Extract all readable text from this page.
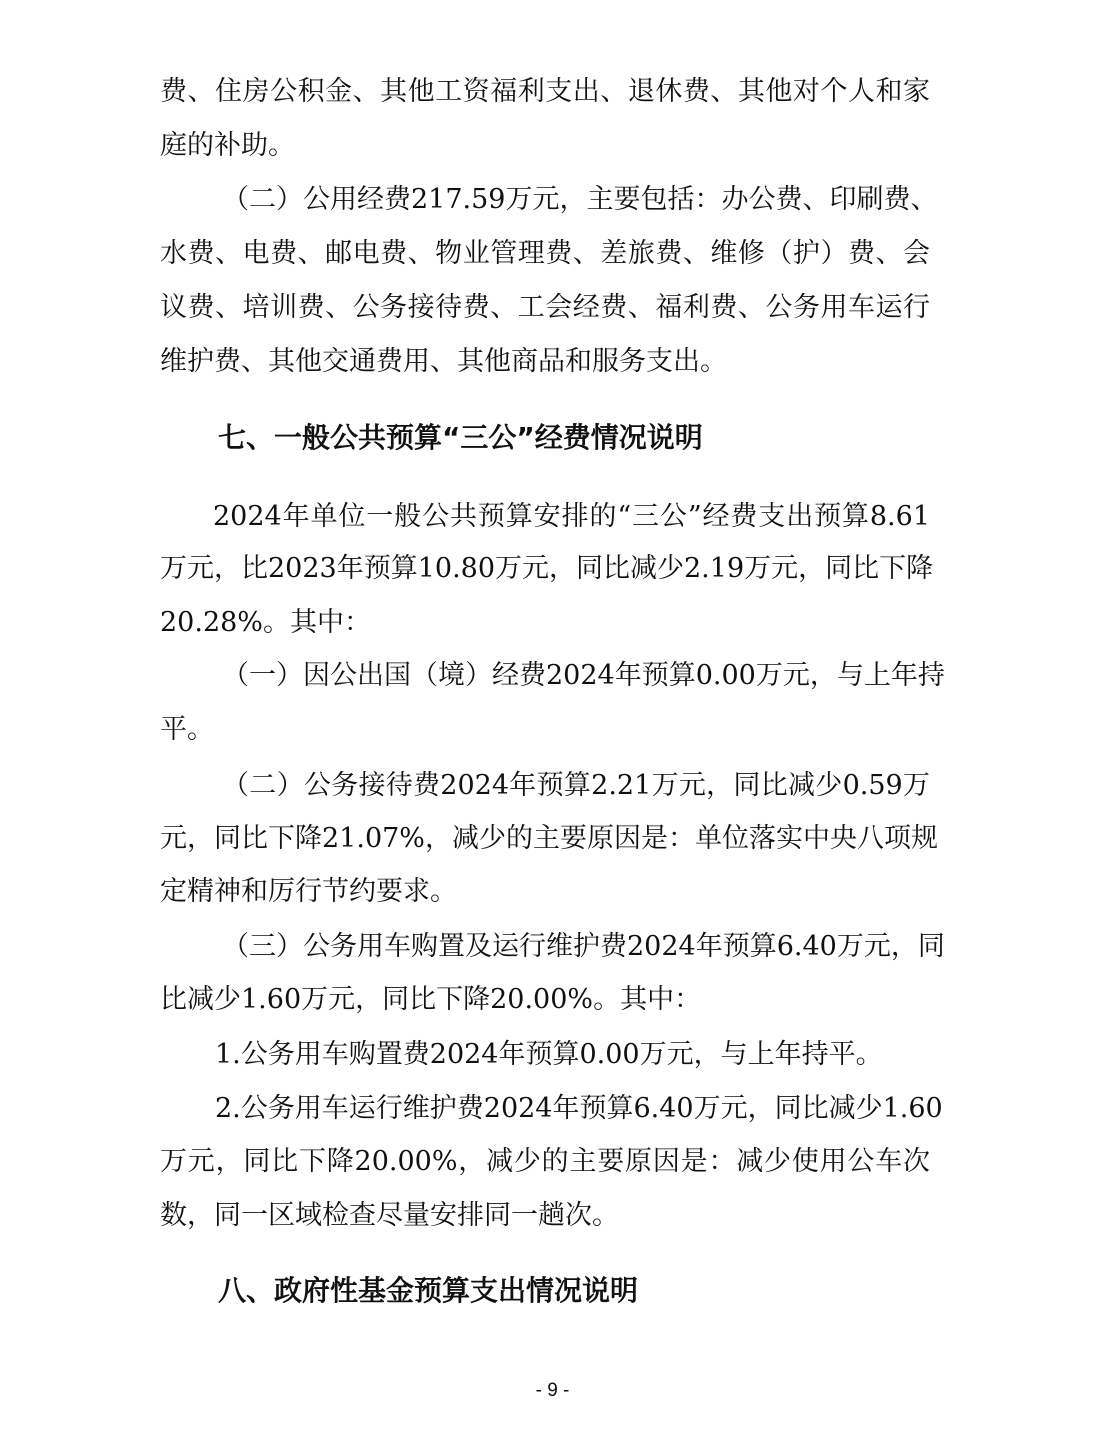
费、住房公积金、其他工资福利支出、退休费、其他对个人和家

庭的补助。

（二）公用经费217.59万元，主要包括：办公费、印刷费、

水费、电费、邮电费、物业管理费、差旅费、维修（护）费、会

议费、培训费、公务接待费、工会经费、福利费、公务用车运行

维护费、其他交通费用、其他商品和服务支出。

七、一般公共预算“三公”经费情况说明

2024年单位一般公共预算安排的“三公”经费支出预算8.61

万元，比2023年预算10.80万元，同比减少2.19万元，同比下降

20.28%。其中：

（一）因公出国（境）经费2024年预算0.00万元，与上年持

平。

（二）公务接待费2024年预算2.21万元，同比减少0.59万

元，同比下降21.07%，减少的主要原因是：单位落实中央八项规

定精神和厉行节约要求。

（三）公务用车购置及运行维护费2024年预算6.40万元，同

比减少1.60万元，同比下降20.00%。其中：

1.公务用车购置费2024年预算0.00万元，与上年持平。

2.公务用车运行维护费2024年预算6.40万元，同比减少1.60

万元，同比下降20.00%，减少的主要原因是：减少使用公车次

数，同一区域检查尽量安排同一趟次。

八、政府性基金预算支出情况说明

- 9 -
